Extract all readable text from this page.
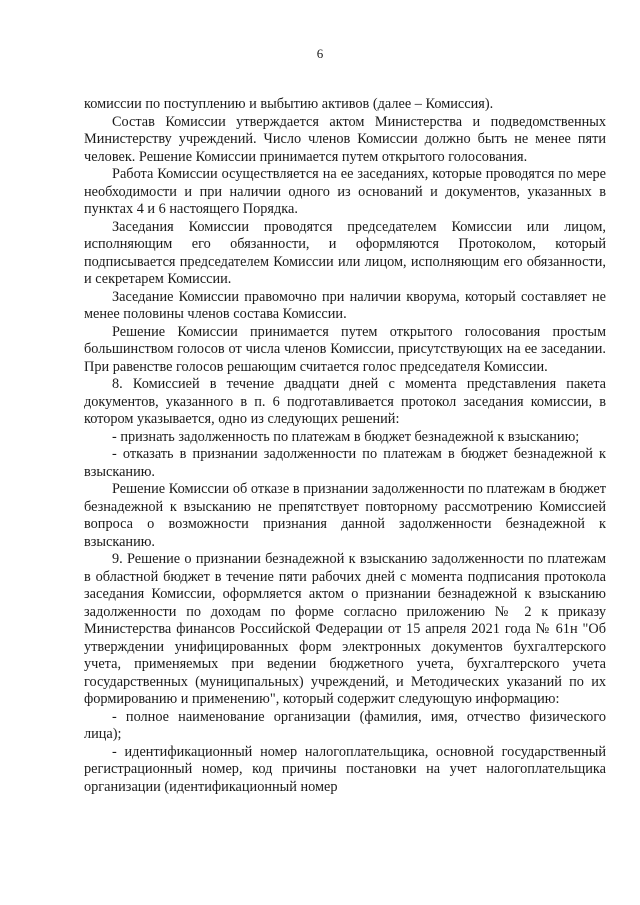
6

комиссии по поступлению и выбытию активов (далее – Комиссия).

Состав Комиссии утверждается актом Министерства и подведомственных Министерству учреждений. Число членов Комиссии должно быть не менее пяти человек. Решение Комиссии принимается путем открытого голосования.

Работа Комиссии осуществляется на ее заседаниях, которые проводятся по мере необходимости и при наличии одного из оснований и документов, указанных в пунктах 4 и 6 настоящего Порядка.

Заседания Комиссии проводятся председателем Комиссии или лицом, исполняющим его обязанности, и оформляются Протоколом, который подписывается председателем Комиссии или лицом, исполняющим его обязанности, и секретарем Комиссии.

Заседание Комиссии правомочно при наличии кворума, который составляет не менее половины членов состава Комиссии.

Решение Комиссии принимается путем открытого голосования простым большинством голосов от числа членов Комиссии, присутствующих на ее заседании. При равенстве голосов решающим считается голос председателя Комиссии.

8. Комиссией в течение двадцати дней с момента представления пакета документов, указанного в п. 6 подготавливается протокол заседания комиссии, в котором указывается, одно из следующих решений:

- признать задолженность по платежам в бюджет безнадежной к взысканию;

- отказать в признании задолженности по платежам в бюджет безнадежной к взысканию.

Решение Комиссии об отказе в признании задолженности по платежам в бюджет безнадежной к взысканию не препятствует повторному рассмотрению Комиссией вопроса о возможности признания данной задолженности безнадежной к взысканию.

9. Решение о признании безнадежной к взысканию задолженности по платежам в областной бюджет в течение пяти рабочих дней с момента подписания протокола заседания Комиссии, оформляется актом о признании безнадежной к взысканию задолженности по доходам по форме согласно приложению № 2 к приказу Министерства финансов Российской Федерации от 15 апреля 2021 года № 61н "Об утверждении унифицированных форм электронных документов бухгалтерского учета, применяемых при ведении бюджетного учета, бухгалтерского учета государственных (муниципальных) учреждений, и Методических указаний по их формированию и применению", который содержит следующую информацию:

- полное наименование организации (фамилия, имя, отчество физического лица);

- идентификационный номер налогоплательщика, основной государственный регистрационный номер, код причины постановки на учет налогоплательщика организации (идентификационный номер
